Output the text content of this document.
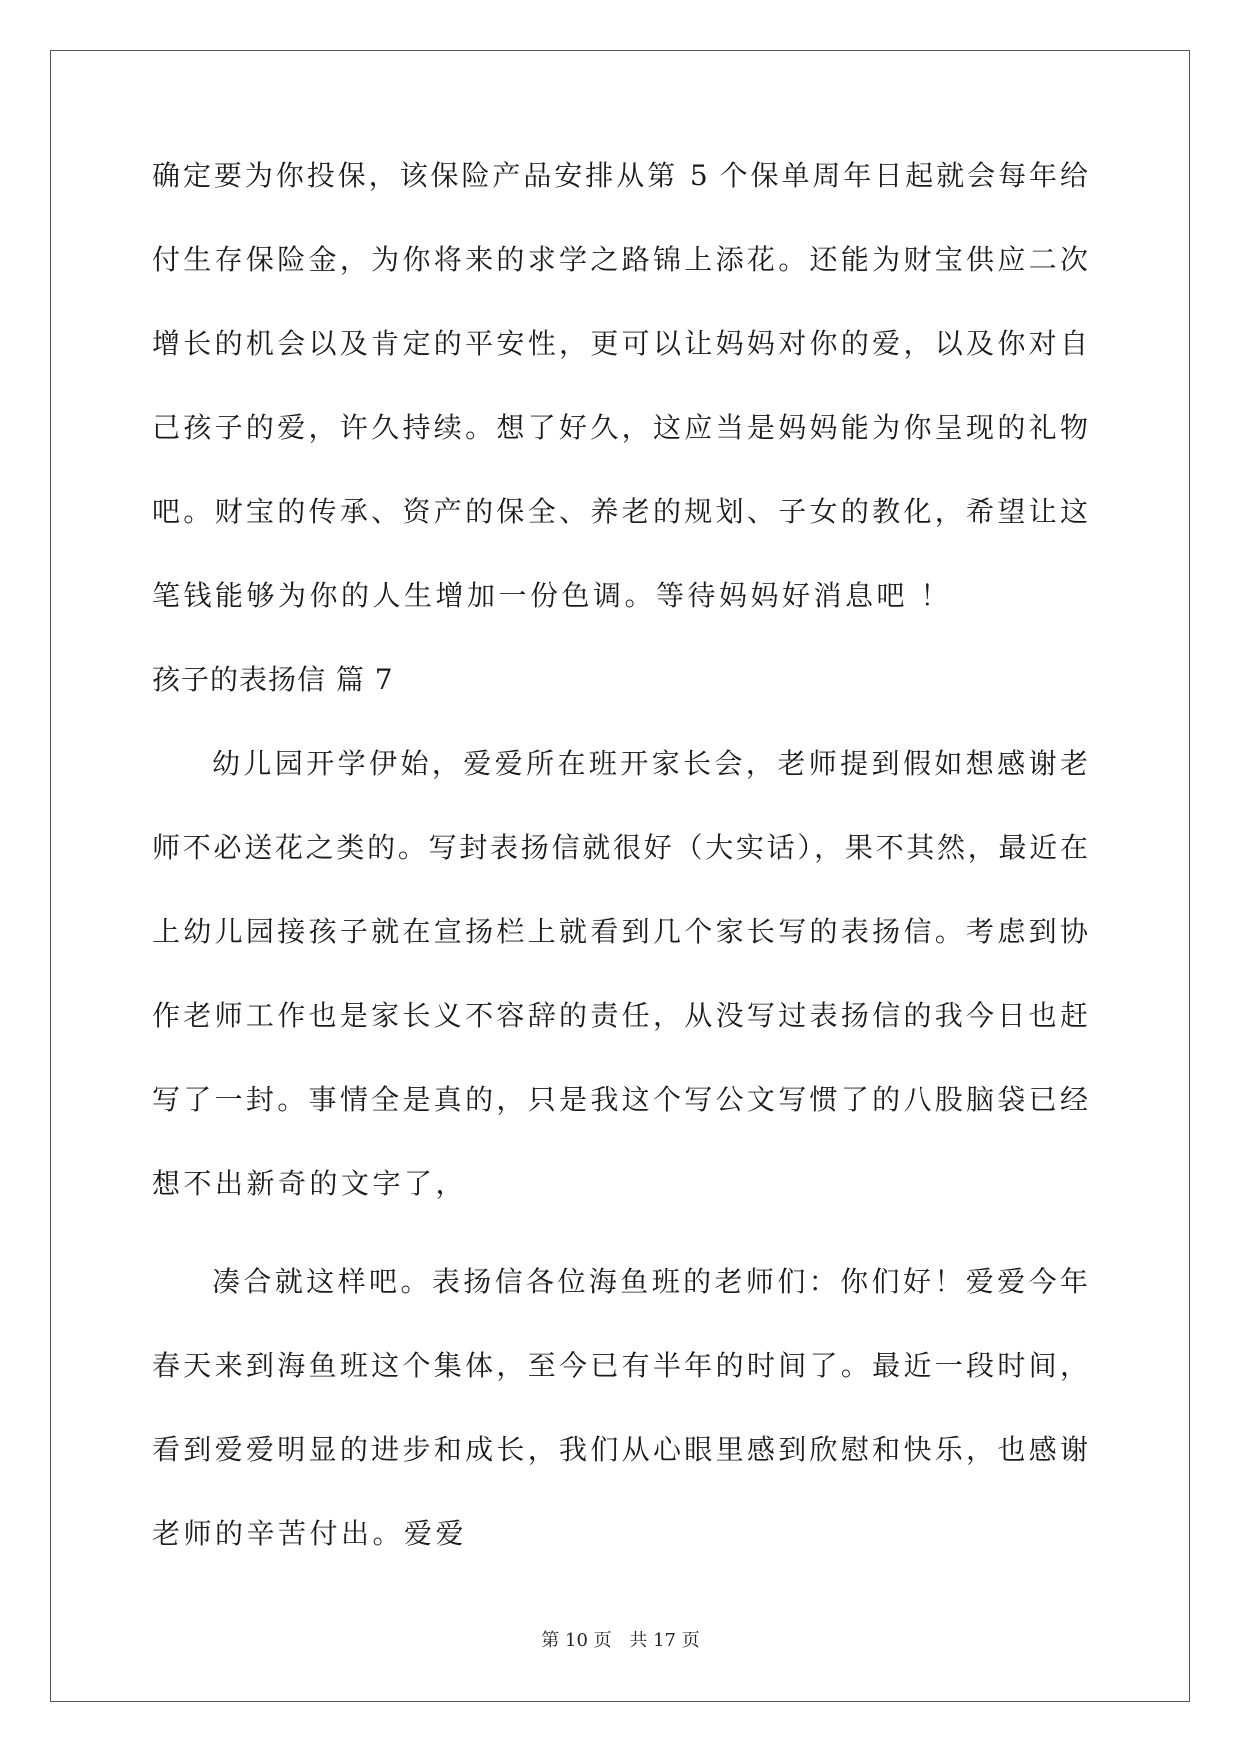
确定要为你投保，该保险产品安排从第 5 个保单周年日起就会每年给
付生存保险金，为你将来的求学之路锦上添花。还能为财宝供应二次
增长的机会以及肯定的平安性，更可以让妈妈对你的爱，以及你对自
己孩子的爱，许久持续。想了好久，这应当是妈妈能为你呈现的礼物
吧。财宝的传承、资产的保全、养老的规划、子女的教化，希望让这
笔钱能够为你的人生增加一份色调。等待妈妈好消息吧 ！
孩子的表扬信 篇 7
幼儿园开学伊始，爱爱所在班开家长会，老师提到假如想感谢老
师不必送花之类的。写封表扬信就很好（大实话），果不其然，最近在
上幼儿园接孩子就在宣扬栏上就看到几个家长写的表扬信。考虑到协
作老师工作也是家长义不容辞的责任，从没写过表扬信的我今日也赶
写了一封。事情全是真的，只是我这个写公文写惯了的八股脑袋已经
想不出新奇的文字了，
凑合就这样吧。表扬信各位海鱼班的老师们：你们好！爱爱今年
春天来到海鱼班这个集体，至今已有半年的时间了。最近一段时间，
看到爱爱明显的进步和成长，我们从心眼里感到欣慰和快乐，也感谢
老师的辛苦付出。爱爱
第 10 页 共 17 页
